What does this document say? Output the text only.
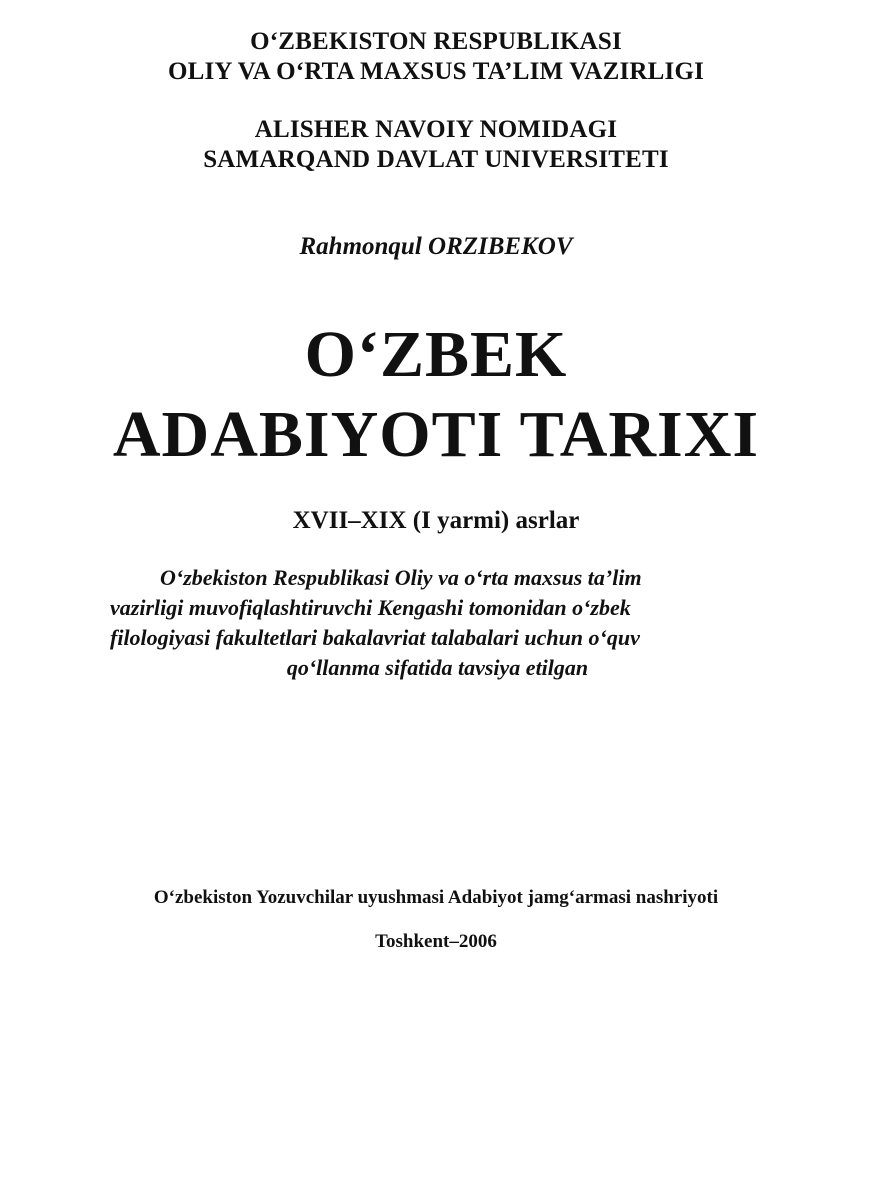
O‘ZBEKISTON RESPUBLIKASI
OLIY VA O‘RTA MAXSUS TA’LIM VAZIRLIGI
ALISHER NAVOIY NOMIDAGI
SAMARQAND DAVLAT UNIVERSITETI
Rahmonqul ORZIBEKOV
O‘ZBEK
ADABIYOTI TARIXI
XVII–XIX (I yarmi) asrlar
O‘zbekiston Respublikasi Oliy va o‘rta maxsus ta’lim
vazirligi muvofiqlashtiruvchi Kengashi tomonidan o‘zbek
filologiyasi fakultetlari bakalavriat talabalari uchun o‘quv
qo‘llanma sifatida tavsiya etilgan
O‘zbekiston Yozuvchilar uyushmasi Adabiyot jamg‘armasi nashriyoti
Toshkent–2006
